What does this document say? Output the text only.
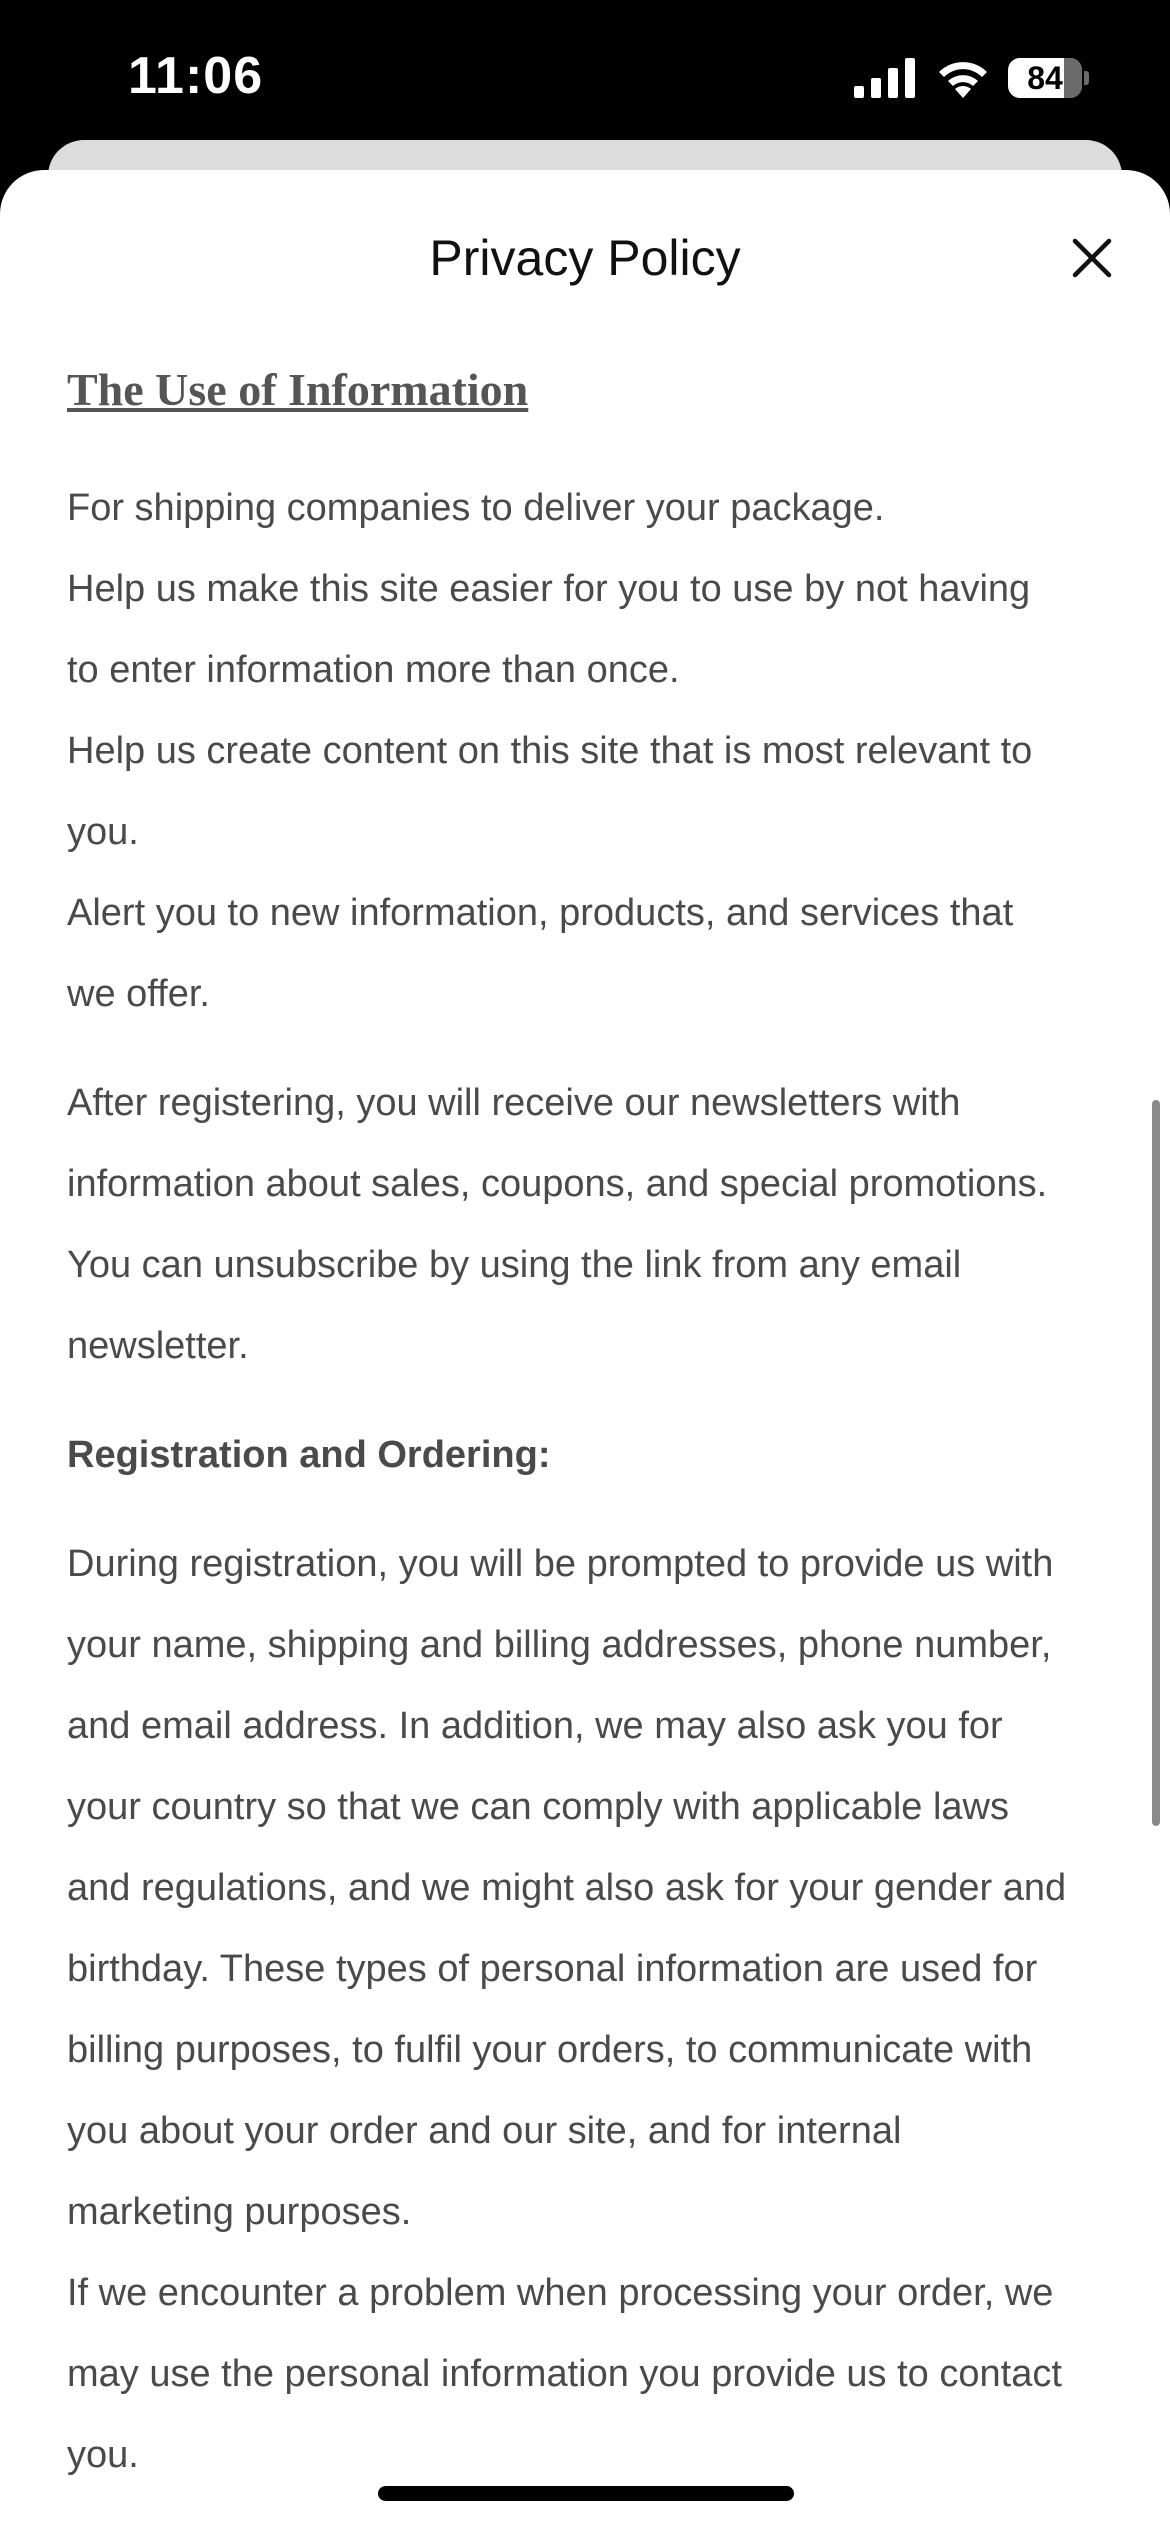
11:06	84
Privacy Policy
The Use of Information
For shipping companies to deliver your package.
Help us make this site easier for you to use by not having
to enter information more than once.
Help us create content on this site that is most relevant to
you.
Alert you to new information, products, and services that
we offer.
After registering, you will receive our newsletters with
information about sales, coupons, and special promotions.
You can unsubscribe by using the link from any email
newsletter.
Registration and Ordering:
During registration, you will be prompted to provide us with
your name, shipping and billing addresses, phone number,
and email address. In addition, we may also ask you for
your country so that we can comply with applicable laws
and regulations, and we might also ask for your gender and
birthday. These types of personal information are used for
billing purposes, to fulfil your orders, to communicate with
you about your order and our site, and for internal
marketing purposes.
If we encounter a problem when processing your order, we
may use the personal information you provide us to contact
you.
